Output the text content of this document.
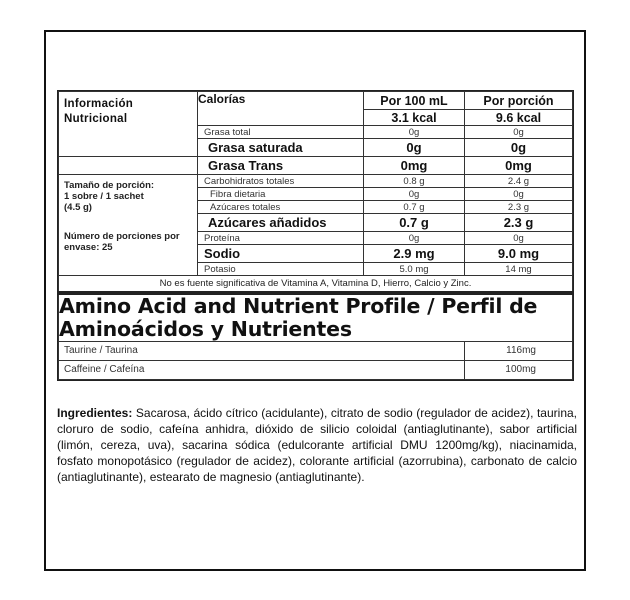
Información
Nutricional	Calorías	Por 100 mL	Por porción
		3.1 kcal	9.6 kcal
	Grasa total	0g	0g
	Grasa saturada	0g	0g
	Grasa Trans	0mg	0mg

Tamaño de porción:
1 sobre / 1 sachet
(4.5 g)
Número de porciones por
envase: 25	Carbohidratos totales	0.8 g	2.4 g
	Fibra dietaria	0g	0g
	Azúcares totales	0.7 g	2.3 g
	Azúcares añadidos	0.7 g	2.3 g
	Proteína	0g	0g
	Sodio	2.9 mg	9.0 mg
	Potasio	5.0 mg	14 mg
No es fuente significativa de Vitamina A, Vitamina D, Hierro, Calcio y Zinc.			
Amino Acid and Nutrient Profile / Perfil de Aminoácidos y Nutrientes			
Taurine / Taurina			116mg
Caffeine / Cafeína			100mg
Ingredientes: Sacarosa, ácido cítrico (acidulante), citrato de sodio (regulador de acidez), taurina, cloruro de sodio, cafeína anhidra, dióxido de silicio coloidal (antiaglutinante), sabor artificial (limón, cereza, uva), sacarina sódica (edulcorante artificial DMU 1200mg/kg), niacinamida, fosfato monopotásico (regulador de acidez), colorante artificial (azorrubina), carbonato de calcio (antiaglutinante), estearato de magnesio (antiaglutinante).
